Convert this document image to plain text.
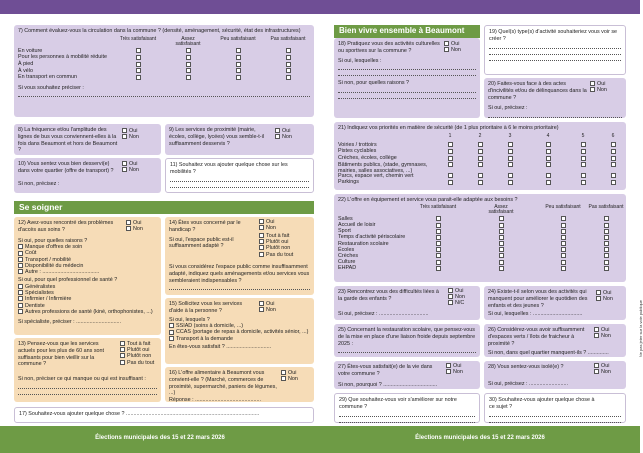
7) Comment évaluez-vous la circulation dans la commune ? (densité, aménagement, sécurité, état des infrastructures)
Très satisfaisant	Assez satisfaisant
Peu satisfaisant	Pas satisfaisant
En voiture
Pour les personnes à mobilité réduite
À pied
À vélo
En transport en commun
Si vous souhaitez préciser :
8) La fréquence et/ou l'amplitude des lignes de bus vous conviennent-elles à la fois dans Beaumont et hors de Beaumont ?
Oui
Non
9) Les services de proximité (mairie, écoles, collège, lycées) vous semble-t-il suffisamment desservis ?
Oui
Non
10) Vous sentez vous bien desservi(e) dans votre quartier (offre de transport) ?
Oui
Non
Si non, précisez :
11) Souhaitez vous ajouter quelque chose sur les mobilités ?
Se soigner
12) Avez-vous rencontré des problèmes d'accès aux soins ?
Oui
Non
Si oui, pour quelles raisons ?
Manque d'offres de soin
Coût
Transport / mobilité
Disponibilité du médecin
Autre : ......................................
Si oui, pour quel professionnel de santé ?
Généralistes
Spécialistes
Infirmier / Infirmière
Dentiste
Autres professions de santé (kiné, orthophonistes, ...)
Si spécialiste, préciser : ..............................
13) Pensez-vous que les services actuels pour les plus de 60 ans sont suffisants pour bien vieillir sur la commune ?
Tout à fait
Plutôt oui
Plutôt non
Pas du tout
Si non, préciser ce qui manque ou qui est insuffisant :
14) Êtes vous concerné par le handicap ?
Oui
Non
Si oui, l'espace public est-il suffisamment adapté ?
Tout à fait
Plutôt oui
Plutôt non
Pas du tout
Si vous considérez l'espace public comme insuffisamment adapté, indiquez quels aménagements et/ou services vous sembleraient indispensables ?
15) Sollicitez vous les services d'aide à la personne ?
Oui
Non
Si oui, lesquels ?
SSIAD (soins à domicile, ...)
CCAS (portage de repas à domicile, activités sénior, ...)
Transport à la demande
En êtes-vous satisfait ? ..............................
16) L'offre alimentaire à Beaumont vous convient-elle ? (Marché, commerces de proximité, supermarché, paniers de légumes, ...)
Oui
Non
Réponse : ............................................
17) Souhaitez-vous ajouter quelque chose ? .........................................................................................
Élections municipales des 15 et 22 mars 2026
Bien vivre ensemble à Beaumont
18) Pratiquez vous des activités culturelles ou sportives sur la commune ?
Oui
Non
Si oui, lesquelles :
Si non, pour quelles raisons ?
19) Quel(s) type(s) d'activité souhaiteriez vous voir se créer ?
20) Faites-vous face à des actes d'incivilités et/ou de délinquances dans la commune ?
Oui
Non
Si oui, précisez :
21) Indiquez vos priorités en matière de sécurité (de 1 plus prioritaire à 6 le moins prioritaire)
1	2	3	4	5	6
Voiries / trottoirs
Pistes cyclables
Crèches, écoles, collège
Bâtiments publics, (stade, gymnases, mairies, salles associatives, ...)
Parcs, espace vert, chemin vert
Parkings
22) L'offre en équipement et service vous parait-elle adaptée aux besoins ?
Très satisfaisant	Assez satisfaisant
Peu satisfaisant	Pas satisfaisant
Salles
Accueil de loisir
Sport
Temps d'activité périscolaire
Restauration scolaire
Écoles
Crèches
Culture
EHPAD
23) Rencontrez vous des difficultés liées à la garde des enfants ?
Oui
Non
N/C
Si oui, précisez : .................................
24) Existe-t-il selon vous des activités qui manquent pour améliorer le quotidien des enfants et des jeunes ?
Oui
Non
Si oui, lesquelles : .................................
25) Concernant la restauration scolaire, que pensez-vous de la mise en place d'une liaison froide depuis septembre 2025 :
26) Considérez-vous avoir suffisamment d'espaces verts / îlots de fraicheur à proximité ?
Oui
Non
Si non, dans quel quartier manquent-ils ? ..............
27) Êtes-vous satisfait(e) de la vie dans votre commune ?
Oui
Non
Si non, pourquoi ? ....................................
28) Vous sentez-vous isolé(e) ?	Oui
Non
Si oui, précisez : ..........................
29) Que souhaitez-vous voir s'améliorer sur notre commune ?
30) Souhaitez-vous ajouter quelque chose à ce sujet ?
Ne pas jeter sur la voie publique
Élections municipales des 15 et 22 mars 2026
